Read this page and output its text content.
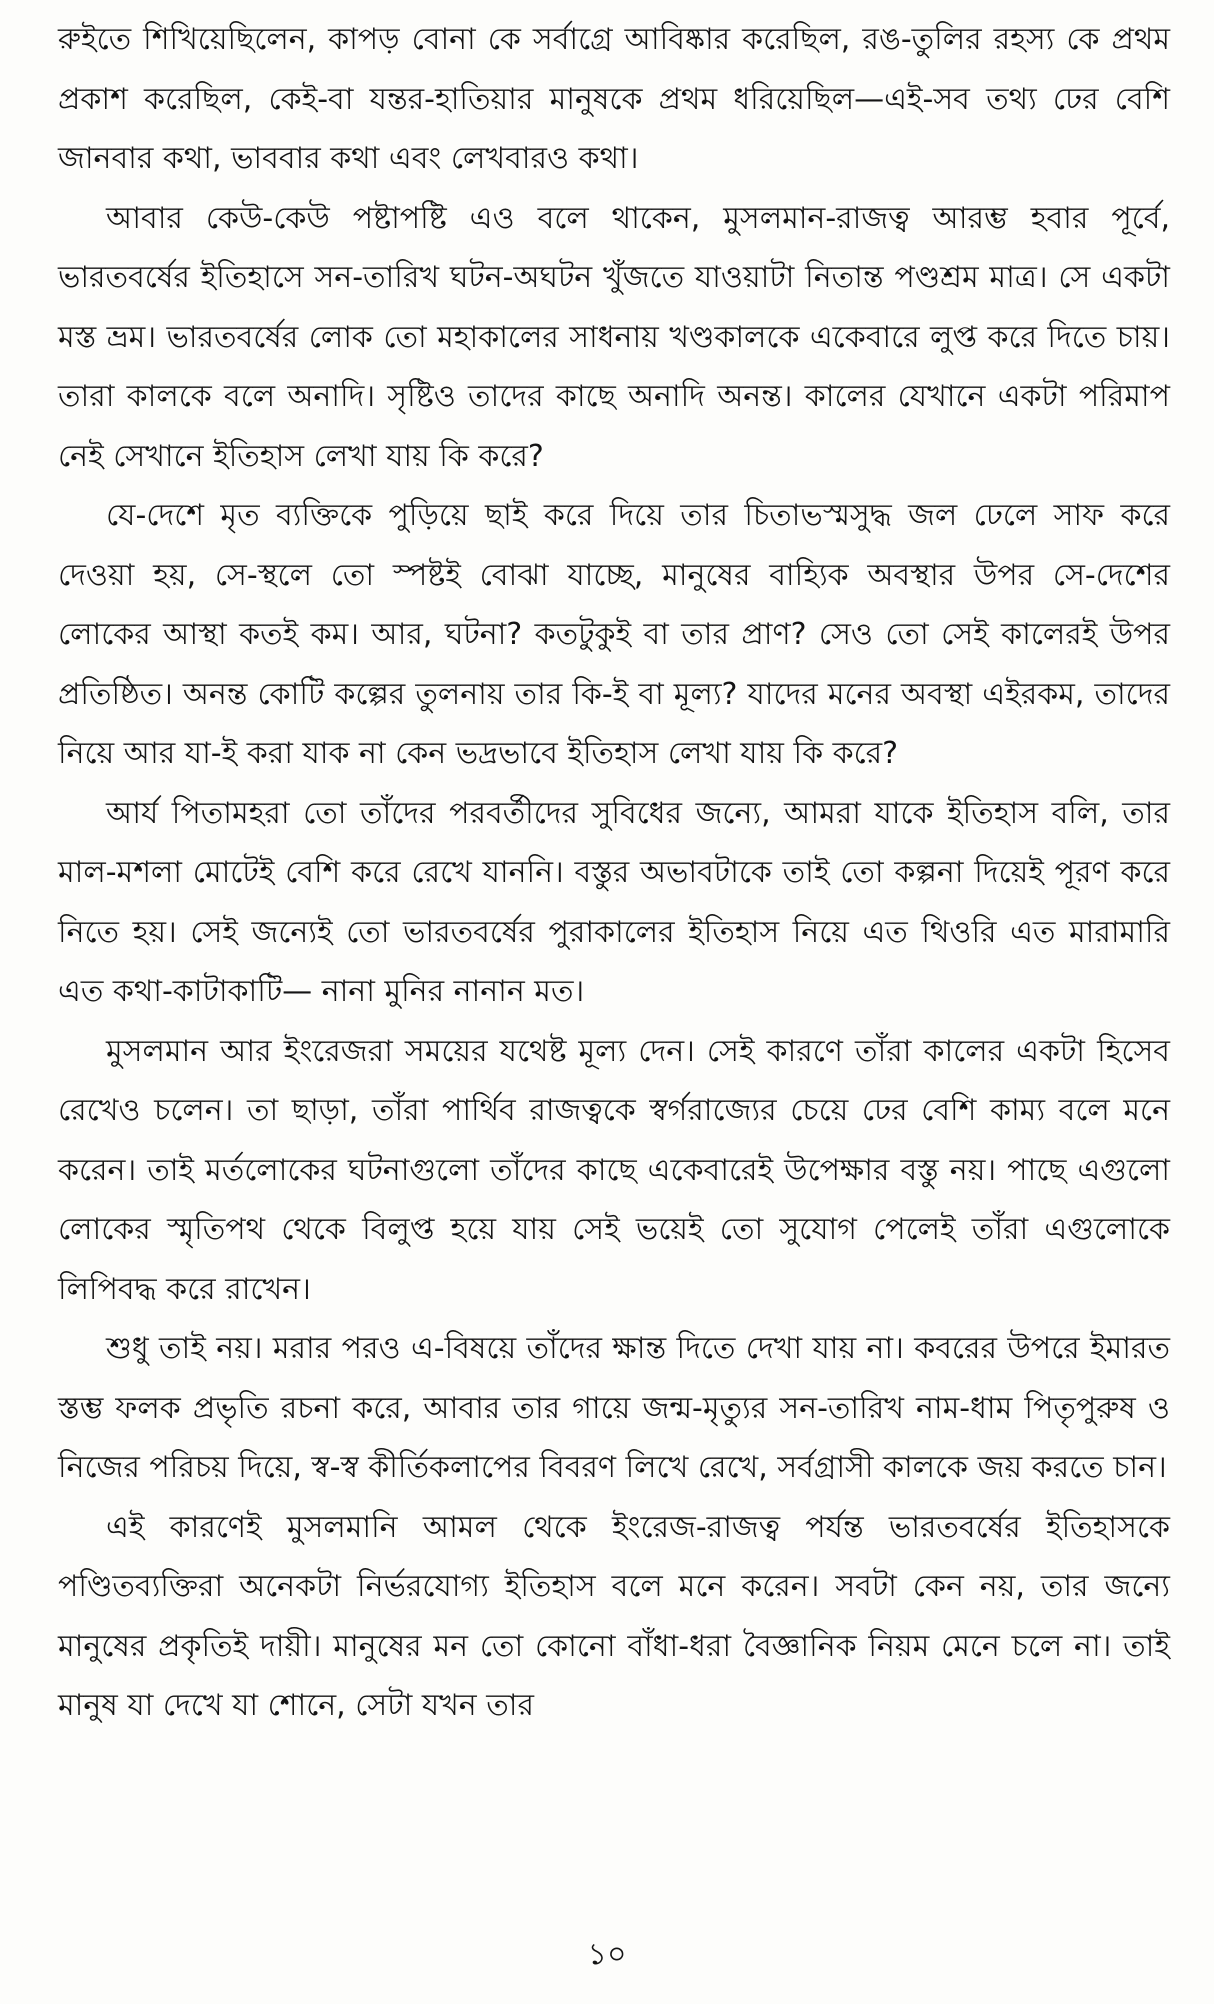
রুইতে শিখিয়েছিলেন, কাপড় বোনা কে সর্বাগ্রে আবিষ্কার করেছিল, রঙ-তুলির রহস্য কে প্রথম প্রকাশ করেছিল, কেই-বা যন্তর-হাতিয়ার মানুষকে প্রথম ধরিয়েছিল—এই-সব তথ্য ঢের বেশি জানবার কথা, ভাববার কথা এবং লেখবারও কথা।

আবার কেউ-কেউ পষ্টাপষ্টি এও বলে থাকেন, মুসলমান-রাজত্ব আরম্ভ হবার পূর্বে, ভারতবর্ষের ইতিহাসে সন-তারিখ ঘটন-অঘটন খুঁজতে যাওয়াটা নিতান্ত পণ্ডশ্রম মাত্র। সে একটা মস্ত ভ্রম। ভারতবর্ষের লোক তো মহাকালের সাধনায় খণ্ডকালকে একেবারে লুপ্ত করে দিতে চায়। তারা কালকে বলে অনাদি। সৃষ্টিও তাদের কাছে অনাদি অনন্ত। কালের যেখানে একটা পরিমাপ নেই সেখানে ইতিহাস লেখা যায় কি করে?

যে-দেশে মৃত ব্যক্তিকে পুড়িয়ে ছাই করে দিয়ে তার চিতাভস্মসুদ্ধ জল ঢেলে সাফ করে দেওয়া হয়, সে-স্থলে তো স্পষ্টই বোঝা যাচ্ছে, মানুষের বাহ্যিক অবস্থার উপর সে-দেশের লোকের আস্থা কতই কম। আর, ঘটনা? কতটুকুই বা তার প্রাণ? সেও তো সেই কালেরই উপর প্রতিষ্ঠিত। অনন্ত কোটি কল্পের তুলনায় তার কি-ই বা মূল্য? যাদের মনের অবস্থা এইরকম, তাদের নিয়ে আর যা-ই করা যাক না কেন ভদ্রভাবে ইতিহাস লেখা যায় কি করে?

আর্য পিতামহরা তো তাঁদের পরবর্তীদের সুবিধের জন্যে, আমরা যাকে ইতিহাস বলি, তার মাল-মশলা মোটেই বেশি করে রেখে যাননি। বস্তুর অভাবটাকে তাই তো কল্পনা দিয়েই পূরণ করে নিতে হয়। সেই জন্যেই তো ভারতবর্ষের পুরাকালের ইতিহাস নিয়ে এত থিওরি এত মারামারি এত কথা-কাটাকাটি— নানা মুনির নানান মত।

মুসলমান আর ইংরেজরা সময়ের যথেষ্ট মূল্য দেন। সেই কারণে তাঁরা কালের একটা হিসেব রেখেও চলেন। তা ছাড়া, তাঁরা পার্থিব রাজত্বকে স্বর্গরাজ্যের চেয়ে ঢের বেশি কাম্য বলে মনে করেন। তাই মর্তলোকের ঘটনাগুলো তাঁদের কাছে একেবারেই উপেক্ষার বস্তু নয়। পাছে এগুলো লোকের স্মৃতিপথ থেকে বিলুপ্ত হয়ে যায় সেই ভয়েই তো সুযোগ পেলেই তাঁরা এগুলোকে লিপিবদ্ধ করে রাখেন।

শুধু তাই নয়। মরার পরও এ-বিষয়ে তাঁদের ক্ষান্ত দিতে দেখা যায় না। কবরের উপরে ইমারত স্তম্ভ ফলক প্রভৃতি রচনা করে, আবার তার গায়ে জন্ম-মৃত্যুর সন-তারিখ নাম-ধাম পিতৃপুরুষ ও নিজের পরিচয় দিয়ে, স্ব-স্ব কীর্তিকলাপের বিবরণ লিখে রেখে, সর্বগ্রাসী কালকে জয় করতে চান।

এই কারণেই মুসলমানি আমল থেকে ইংরেজ-রাজত্ব পর্যন্ত ভারতবর্ষের ইতিহাসকে পণ্ডিতব্যক্তিরা অনেকটা নির্ভরযোগ্য ইতিহাস বলে মনে করেন। সবটা কেন নয়, তার জন্যে মানুষের প্রকৃতিই দায়ী। মানুষের মন তো কোনো বাঁধা-ধরা বৈজ্ঞানিক নিয়ম মেনে চলে না। তাই মানুষ যা দেখে যা শোনে, সেটা যখন তার

১০
